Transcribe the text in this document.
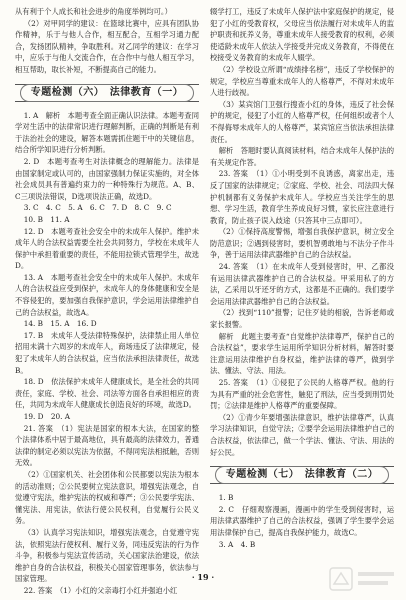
从有利于个人成长和社会进步的角度举例均可。）

（2）对甲同学的建议：在篮球比赛中，应具有团队协作精神，乐于与他人合作，相互配合，互相学习通力配合，发扬团队精神，争取胜利。对乙同学的建议：在学习中，应乐于与他人交流合作，在合作中与他人相互学习，相互帮助，取长补短，不断提高自己的能力。

专题检测（六）　法律教育（一）

1. A　解析　本题考查全面正确认识法律。本题考查同学对生活中的法律常识进行理解判断，正确的判断是有利于法治社会的建设，解答本题需抓住题干中的关键信息，结合所学知识进行分析判断。

2. D　本题考查考生对法律概念的理解能力。法律是由国家制定或认可的，由国家强制力保证实施的，对全体社会成员具有普遍约束力的一种特殊行为规范。A、B、C三项说法错误，D选项说法正确，故选D。

3. C　4. C　5. A　6. C　7. D　8. C　9. C

10. B　11. A

12. D　本题考查社会安全中的未成年人保护。维护未成年人的合法权益需要全社会共同努力，学校在未成年人保护中承担着重要的责任，不能用拉锁式管理学生，故选D。

13. A　本题考查社会安全中的未成年人保护。未成年人的合法权益应受到保护，未成年人的身体健康和安全是不容侵犯的，要加强自我保护意识，学会运用法律维护自己的合法权益，故选A。

14. B　15. A　16. D

17. B　未成年人受法律特殊保护，法律禁止用人单位招用未满十六周岁的未成年人，商场违反了法律规定，侵犯了未成年人的合法权益，应当依法承担法律责任，故选B。

18. D　依法保护未成年人健康成长，是全社会的共同责任，家庭、学校、社会、司法等方面各自承担相应的责任，共同为未成年人健康成长创造良好的环境，故选D。

19. D　20. A

21. 答案　（1）宪法是国家的根本大法，在国家的整个法律体系中居于最高地位，具有最高的法律效力，普通法律的制定必须以宪法为依据，不得同宪法相抵触，否则无效。

（2）①国家机关、社会团体和公民都要以宪法为根本的活动准则；②公民要树立宪法意识，增强宪法观念，自觉遵守宪法，维护宪法的权威和尊严；③公民要学宪法、懂宪法、用宪法，依法行使公民权利，自觉履行公民义务。

（3）认真学习宪法知识，增强宪法观念，自觉遵守宪法，依照宪法行使权利、履行义务，同违反宪法的行为作斗争，积极参与宪法宣传活动，关心国家法治建设，依法维护自身的合法权益，积极关心国家管理事务，依法参与国家管理。

22. 答案　（1）小红的父亲毒打小红并强迫小红

辍学打工，违反了未成年人保护法中家庭保护的规定，侵犯了小红的受教育权，父母应当依法履行对未成年人的监护职责和抚养义务，尊重未成年人接受教育的权利，必须使适龄未成年人依法入学接受并完成义务教育，不得使在校接受义务教育的未成年人辍学。

（2）学校设立所谓“成绩排名榜”，违反了学校保护的规定，学校应当尊重未成年人的人格尊严，不得对未成年人进行歧视。

（3）某宾馆门卫强行搜查小红的身体，违反了社会保护的规定，侵犯了小红的人格尊严权，任何组织或者个人不得侮辱未成年人的人格尊严，某宾馆应当依法承担法律责任。

解析　答题时要认真阅读材料，结合未成年人保护法的有关规定作答。

23. 答案　（1）①小明受到不良诱惑，离家出走，违反了国家的法律规定；②家庭、学校、社会、司法四大保护机制都有义务保护未成年人。学校应当关注学生的思想、学习生活，教育学生养成良好习惯，家长应注意进行教育，防止孩子误入歧途（只答其中三点即可）。

（2）①保持高度警惕，增强自我保护意识，树立安全防范意识；②遇到侵害时，要机智勇敢地与不法分子作斗争，善于运用法律武器维护自己的合法权益。

24. 答案　（1）在未成年人受到侵害时，甲、乙都没有运用法律武器维护自己的合法权益。甲采用私了的方法，乙采用以牙还牙的方式，这都是不正确的。我们要学会运用法律武器维护自己的合法权益。

（2）找到“110”报警；记住歹徒的相貌，告诉老师或家长报警。

解析　此题主要考查“自觉维护法律尊严，保护自己的合法权益”，要求学生运用所学知识分析材料，解答时要注意运用法律维护自身权益，维护法律的尊严，做到学法、懂法、守法、用法。

25. 答案　（1）①侵犯了公民的人格尊严权。他的行为具有严重的社会危害性，触犯了刑法，应当受到刑罚处罚；②法律是维护人格尊严的重要保障。

（2）①青少年要增强法律意识，维护法律尊严，认真学习法律知识，自觉守法；②要学会运用法律维护自己的合法权益，依法律己，做一个学法、懂法、守法、用法的好公民。

专题检测（七）　法律教育（二）

1. B

2. C　仔细观察漫画，漫画中的学生受到侵害时，运用法律武器维护了自己的合法权益，强调了学生要学会运用法律保护自己，提高自我保护能力，故选C。

3. A　4. B

· 19 ·
